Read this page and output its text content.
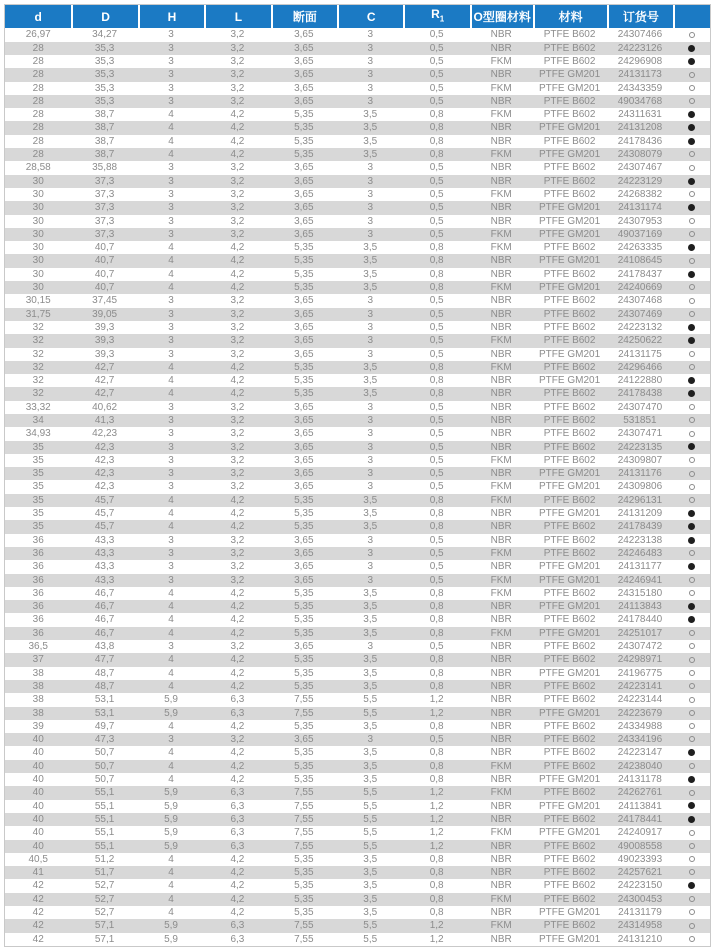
d	D	H	L	断面	C	$R_1$	O型圈材料	材料	订货号	
26,97	34,27	3	3,2	3,65	3	0,5	NBR	PTFE B602	24307466	
28	35,3	3	3,2	3,65	3	0,5	NBR	PTFE B602	24223126	
28	35,3	3	3,2	3,65	3	0,5	FKM	PTFE B602	24296908	
28	35,3	3	3,2	3,65	3	0,5	NBR	PTFE GM201	24131173	
28	35,3	3	3,2	3,65	3	0,5	FKM	PTFE GM201	24343359	
28	35,3	3	3,2	3,65	3	0,5	NBR	PTFE B602	49034768	
28	38,7	4	4,2	5,35	3,5	0,8	FKM	PTFE B602	24311631	
28	38,7	4	4,2	5,35	3,5	0,8	NBR	PTFE GM201	24131208	
28	38,7	4	4,2	5,35	3,5	0,8	NBR	PTFE B602	24178436	
28	38,7	4	4,2	5,35	3,5	0,8	FKM	PTFE GM201	24308079	
28,58	35,88	3	3,2	3,65	3	0,5	NBR	PTFE B602	24307467	
30	37,3	3	3,2	3,65	3	0,5	NBR	PTFE B602	24223129	
30	37,3	3	3,2	3,65	3	0,5	FKM	PTFE B602	24268382	
30	37,3	3	3,2	3,65	3	0,5	NBR	PTFE GM201	24131174	
30	37,3	3	3,2	3,65	3	0,5	NBR	PTFE GM201	24307953	
30	37,3	3	3,2	3,65	3	0,5	FKM	PTFE GM201	49037169	
30	40,7	4	4,2	5,35	3,5	0,8	FKM	PTFE B602	24263335	
30	40,7	4	4,2	5,35	3,5	0,8	NBR	PTFE GM201	24108645	
30	40,7	4	4,2	5,35	3,5	0,8	NBR	PTFE B602	24178437	
30	40,7	4	4,2	5,35	3,5	0,8	FKM	PTFE GM201	24240669	
30,15	37,45	3	3,2	3,65	3	0,5	NBR	PTFE B602	24307468	
31,75	39,05	3	3,2	3,65	3	0,5	NBR	PTFE B602	24307469	
32	39,3	3	3,2	3,65	3	0,5	NBR	PTFE B602	24223132	
32	39,3	3	3,2	3,65	3	0,5	FKM	PTFE B602	24250622	
32	39,3	3	3,2	3,65	3	0,5	NBR	PTFE GM201	24131175	
32	42,7	4	4,2	5,35	3,5	0,8	FKM	PTFE B602	24296466	
32	42,7	4	4,2	5,35	3,5	0,8	NBR	PTFE GM201	24122880	
32	42,7	4	4,2	5,35	3,5	0,8	NBR	PTFE B602	24178438	
33,32	40,62	3	3,2	3,65	3	0,5	NBR	PTFE B602	24307470	
34	41,3	3	3,2	3,65	3	0,5	NBR	PTFE B602	531851	
34,93	42,23	3	3,2	3,65	3	0,5	NBR	PTFE B602	24307471	
35	42,3	3	3,2	3,65	3	0,5	NBR	PTFE B602	24223135	
35	42,3	3	3,2	3,65	3	0,5	FKM	PTFE B602	24309807	
35	42,3	3	3,2	3,65	3	0,5	NBR	PTFE GM201	24131176	
35	42,3	3	3,2	3,65	3	0,5	FKM	PTFE GM201	24309806	
35	45,7	4	4,2	5,35	3,5	0,8	FKM	PTFE B602	24296131	
35	45,7	4	4,2	5,35	3,5	0,8	NBR	PTFE GM201	24131209	
35	45,7	4	4,2	5,35	3,5	0,8	NBR	PTFE B602	24178439	
36	43,3	3	3,2	3,65	3	0,5	NBR	PTFE B602	24223138	
36	43,3	3	3,2	3,65	3	0,5	FKM	PTFE B602	24246483	
36	43,3	3	3,2	3,65	3	0,5	NBR	PTFE GM201	24131177	
36	43,3	3	3,2	3,65	3	0,5	FKM	PTFE GM201	24246941	
36	46,7	4	4,2	5,35	3,5	0,8	FKM	PTFE B602	24315180	
36	46,7	4	4,2	5,35	3,5	0,8	NBR	PTFE GM201	24113843	
36	46,7	4	4,2	5,35	3,5	0,8	NBR	PTFE B602	24178440	
36	46,7	4	4,2	5,35	3,5	0,8	FKM	PTFE GM201	24251017	
36,5	43,8	3	3,2	3,65	3	0,5	NBR	PTFE B602	24307472	
37	47,7	4	4,2	5,35	3,5	0,8	NBR	PTFE B602	24298971	
38	48,7	4	4,2	5,35	3,5	0,8	NBR	PTFE GM201	24196775	
38	48,7	4	4,2	5,35	3,5	0,8	NBR	PTFE B602	24223141	
38	53,1	5,9	6,3	7,55	5,5	1,2	NBR	PTFE B602	24223144	
38	53,1	5,9	6,3	7,55	5,5	1,2	NBR	PTFE GM201	24223679	
39	49,7	4	4,2	5,35	3,5	0,8	NBR	PTFE B602	24334988	
40	47,3	3	3,2	3,65	3	0,5	NBR	PTFE B602	24334196	
40	50,7	4	4,2	5,35	3,5	0,8	NBR	PTFE B602	24223147	
40	50,7	4	4,2	5,35	3,5	0,8	FKM	PTFE B602	24238040	
40	50,7	4	4,2	5,35	3,5	0,8	NBR	PTFE GM201	24131178	
40	55,1	5,9	6,3	7,55	5,5	1,2	FKM	PTFE B602	24262761	
40	55,1	5,9	6,3	7,55	5,5	1,2	NBR	PTFE GM201	24113841	
40	55,1	5,9	6,3	7,55	5,5	1,2	NBR	PTFE B602	24178441	
40	55,1	5,9	6,3	7,55	5,5	1,2	FKM	PTFE GM201	24240917	
40	55,1	5,9	6,3	7,55	5,5	1,2	NBR	PTFE B602	49008558	
40,5	51,2	4	4,2	5,35	3,5	0,8	NBR	PTFE B602	49023393	
41	51,7	4	4,2	5,35	3,5	0,8	NBR	PTFE B602	24257621	
42	52,7	4	4,2	5,35	3,5	0,8	NBR	PTFE B602	24223150	
42	52,7	4	4,2	5,35	3,5	0,8	FKM	PTFE B602	24300453	
42	52,7	4	4,2	5,35	3,5	0,8	NBR	PTFE GM201	24131179	
42	57,1	5,9	6,3	7,55	5,5	1,2	FKM	PTFE B602	24314958	
42	57,1	5,9	6,3	7,55	5,5	1,2	NBR	PTFE GM201	24131210	
